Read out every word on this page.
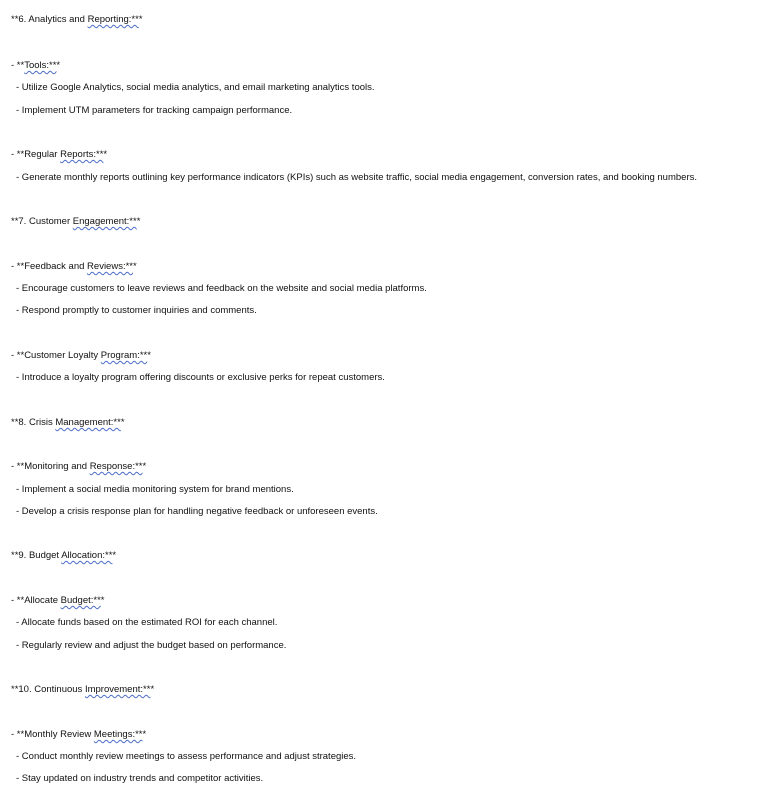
**6. Analytics and Reporting:***
- **Tools:***
- Utilize Google Analytics, social media analytics, and email marketing analytics tools.
- Implement UTM parameters for tracking campaign performance.
- **Regular Reports:***
- Generate monthly reports outlining key performance indicators (KPIs) such as website traffic, social media engagement, conversion rates, and booking numbers.
**7. Customer Engagement:***
- **Feedback and Reviews:***
- Encourage customers to leave reviews and feedback on the website and social media platforms.
- Respond promptly to customer inquiries and comments.
- **Customer Loyalty Program:***
- Introduce a loyalty program offering discounts or exclusive perks for repeat customers.
**8. Crisis Management:***
- **Monitoring and Response:***
- Implement a social media monitoring system for brand mentions.
- Develop a crisis response plan for handling negative feedback or unforeseen events.
**9. Budget Allocation:***
- **Allocate Budget:***
- Allocate funds based on the estimated ROI for each channel.
- Regularly review and adjust the budget based on performance.
**10. Continuous Improvement:***
- **Monthly Review Meetings:***
- Conduct monthly review meetings to assess performance and adjust strategies.
- Stay updated on industry trends and competitor activities.
